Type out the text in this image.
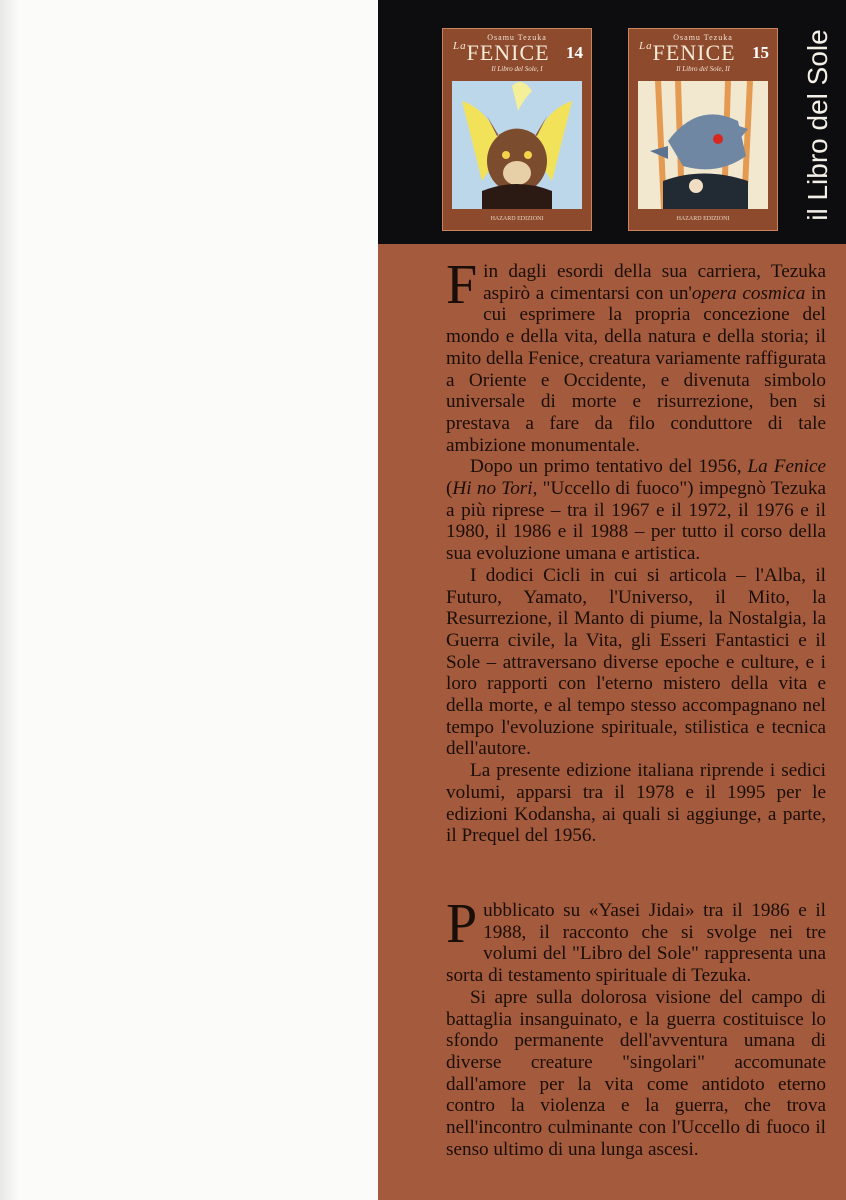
Osamu Tezuka
$^{La}$FENICE 14
Il Libro del Sole, I
HAZARD EDIZIONI
Osamu Tezuka
$^{La}$FENICE 15
Il Libro del Sole, II
HAZARD EDIZIONI	il Libro del Sole

Fin dagli esordi della sua carriera, Tezuka aspirò a cimentarsi con un'opera cosmica in cui esprimere la propria concezione del mondo e della vita, della natura e della storia; il mito della Fenice, creatura variamente raffigurata a Oriente e Occidente, e divenuta simbolo universale di morte e risurrezione, ben si prestava a fare da filo conduttore di tale ambizione monumentale.

Dopo un primo tentativo del 1956, La Fenice (Hi no Tori, "Uccello di fuoco") impegnò Tezuka a più riprese – tra il 1967 e il 1972, il 1976 e il 1980, il 1986 e il 1988 – per tutto il corso della sua evoluzione umana e artistica.

I dodici Cicli in cui si articola – l'Alba, il Futuro, Yamato, l'Universo, il Mito, la Resurrezione, il Manto di piume, la Nostalgia, la Guerra civile, la Vita, gli Esseri Fantastici e il Sole – attraversano diverse epoche e culture, e i loro rapporti con l'eterno mistero della vita e della morte, e al tempo stesso accompagnano nel tempo l'evoluzione spirituale, stilistica e tecnica dell'autore.

La presente edizione italiana riprende i sedici volumi, apparsi tra il 1978 e il 1995 per le edizioni Kodansha, ai quali si aggiunge, a parte, il Prequel del 1956.

Pubblicato su «Yasei Jidai» tra il 1986 e il 1988, il racconto che si svolge nei tre volumi del "Libro del Sole" rappresenta una sorta di testamento spirituale di Tezuka.

Si apre sulla dolorosa visione del campo di battaglia insanguinato, e la guerra costituisce lo sfondo permanente dell'avventura umana di diverse creature "singolari" accomunate dall'amore per la vita come antidoto eterno contro la violenza e la guerra, che trova nell'incontro culminante con l'Uccello di fuoco il senso ultimo di una lunga ascesi.
